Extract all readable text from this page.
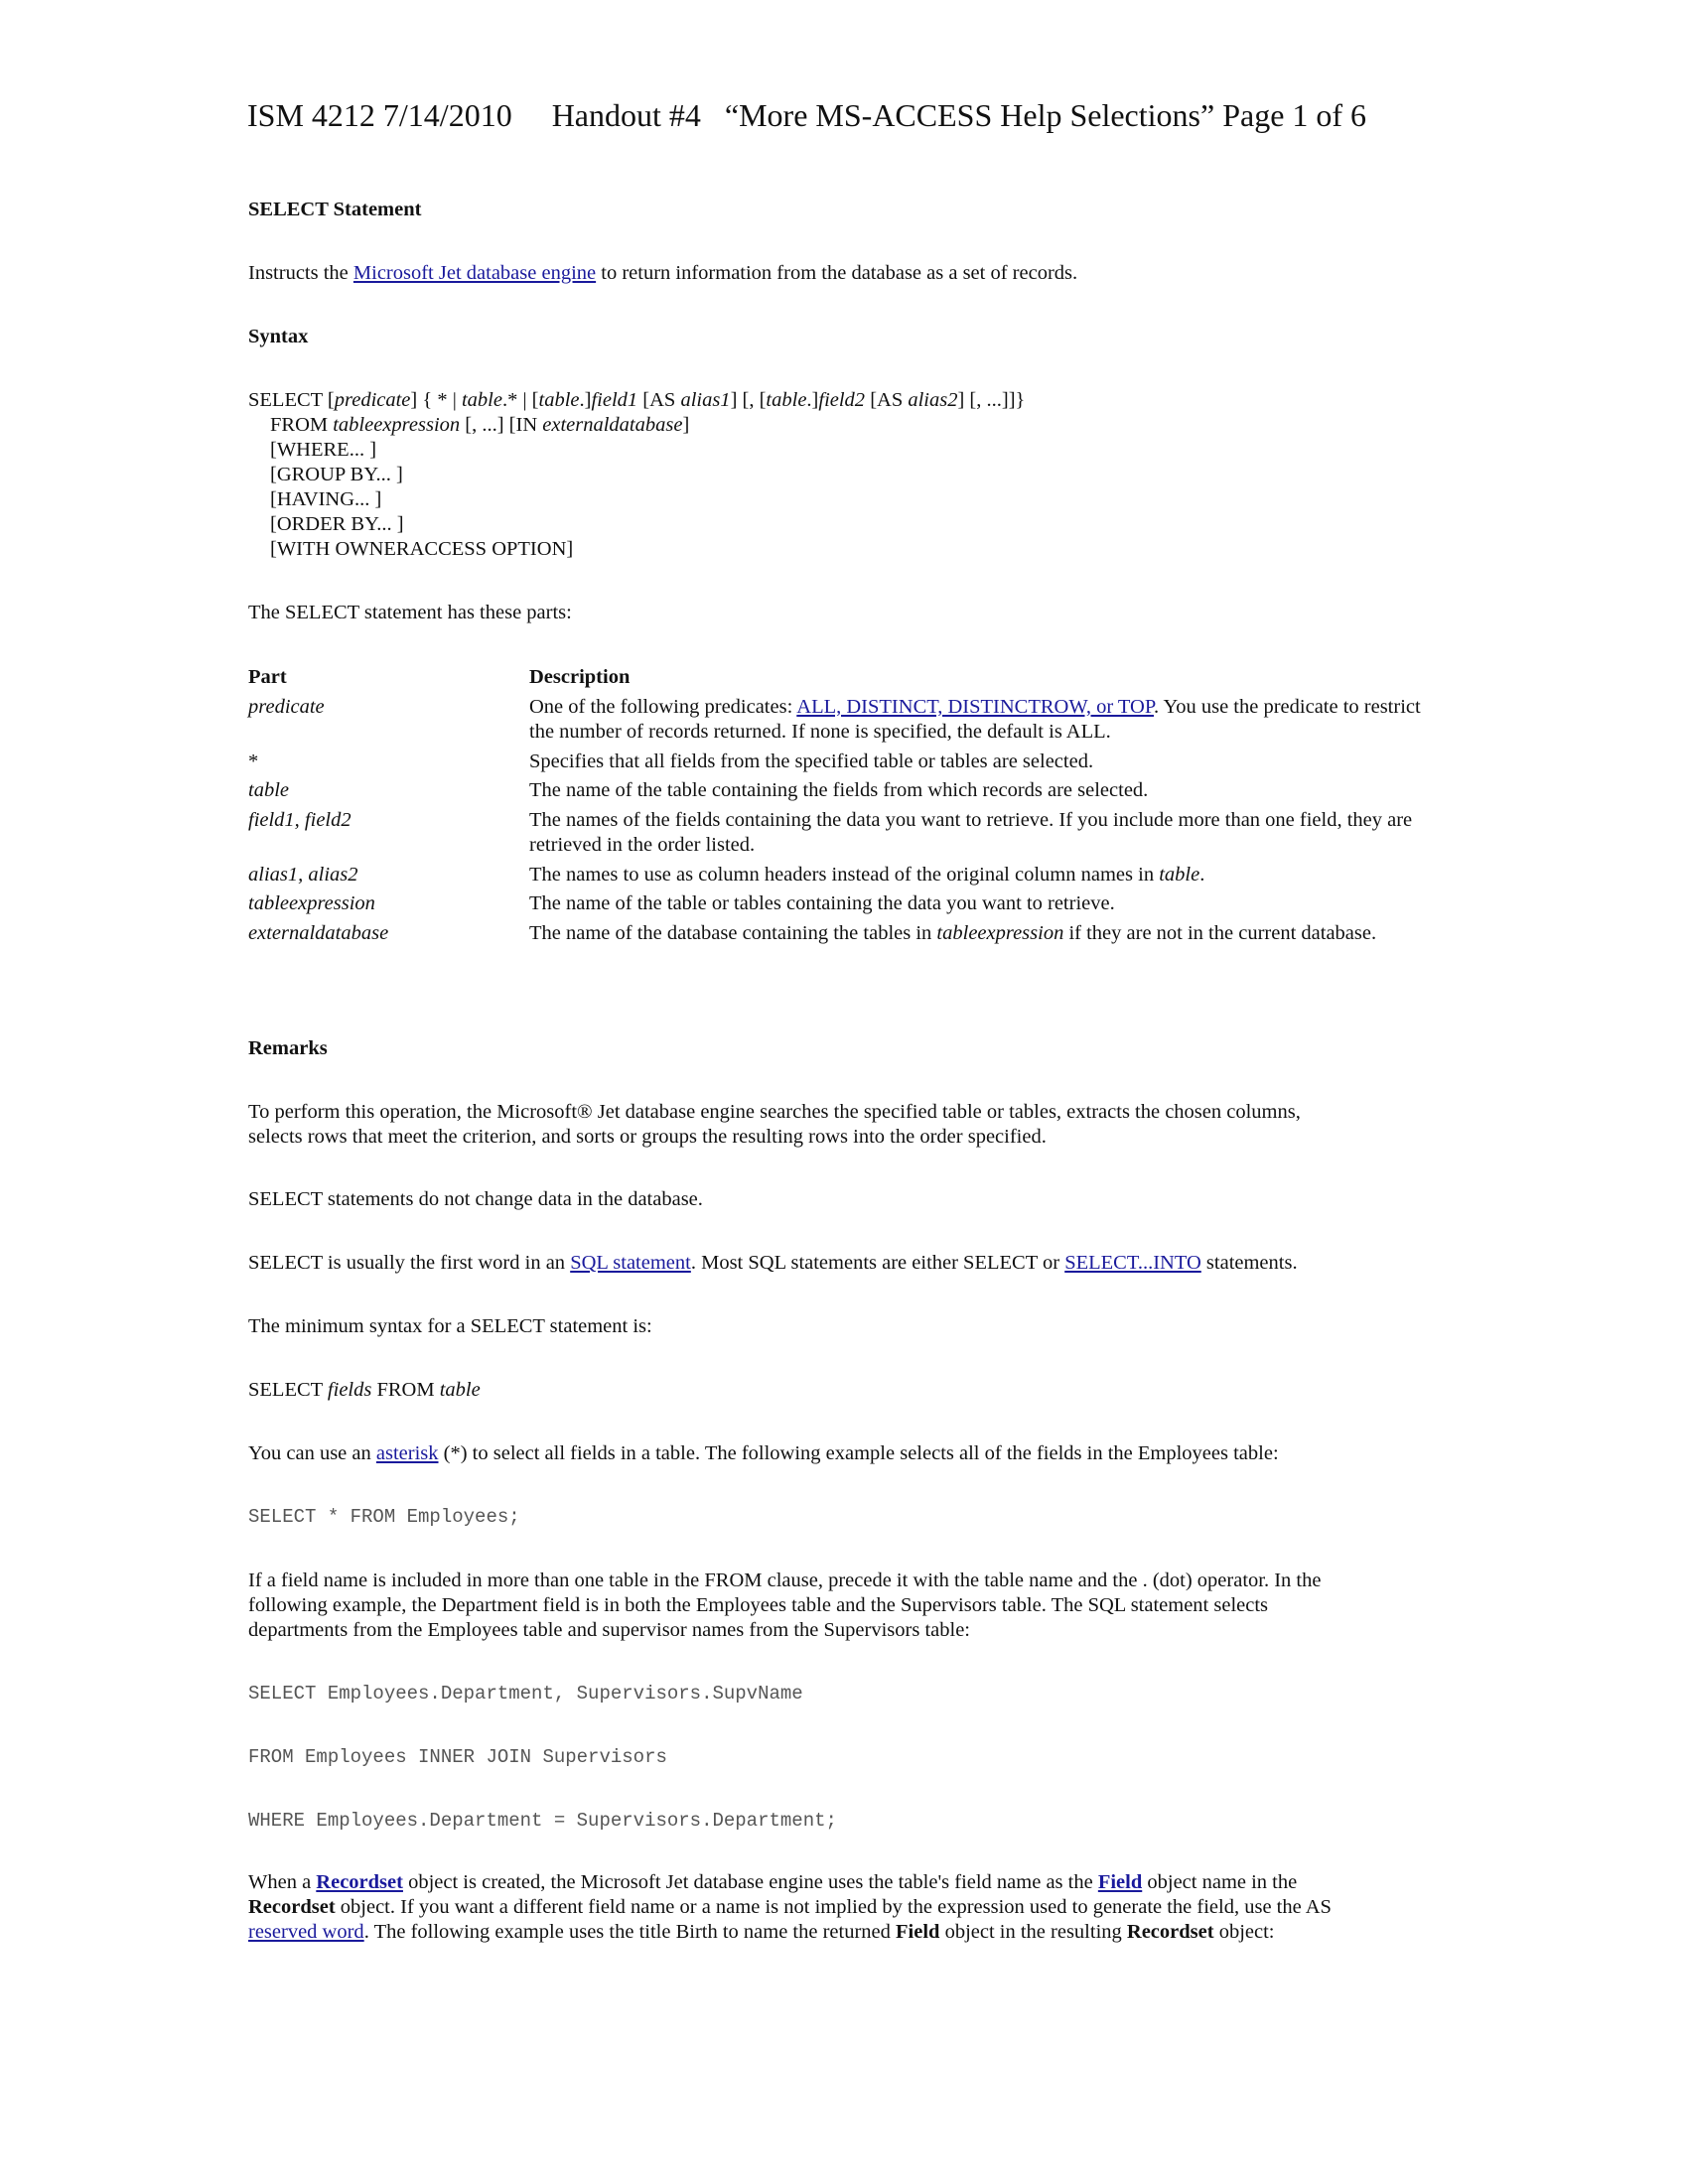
ISM 4212 7/14/2010 Handout #4 “More MS-ACCESS Help Selections” Page 1 of 6
SELECT Statement
Instructs the Microsoft Jet database engine to return information from the database as a set of records.
Syntax
SELECT [predicate] { * | table.* | [table.]field1 [AS alias1] [, [table.]field2 [AS alias2] [, ...]]}
FROM tableexpression [, ...] [IN externaldatabase]
[WHERE... ]
[GROUP BY... ]
[HAVING... ]
[ORDER BY... ]
[WITH OWNERACCESS OPTION]
The SELECT statement has these parts:
Part	Description
predicate	One of the following predicates: ALL, DISTINCT, DISTINCTROW, or TOP. You use the predicate to restrict the number of records returned. If none is specified, the default is ALL.
*	Specifies that all fields from the specified table or tables are selected.
table	The name of the table containing the fields from which records are selected.
field1, field2	The names of the fields containing the data you want to retrieve. If you include more than one field, they are retrieved in the order listed.
alias1, alias2	The names to use as column headers instead of the original column names in table.
tableexpression	The name of the table or tables containing the data you want to retrieve.
externaldatabase	The name of the database containing the tables in tableexpression if they are not in the current database.
Remarks
To perform this operation, the Microsoft® Jet database engine searches the specified table or tables, extracts the chosen columns,
selects rows that meet the criterion, and sorts or groups the resulting rows into the order specified.
SELECT statements do not change data in the database.
SELECT is usually the first word in an SQL statement. Most SQL statements are either SELECT or SELECT...INTO statements.
The minimum syntax for a SELECT statement is:
SELECT fields FROM table
You can use an asterisk (*) to select all fields in a table. The following example selects all of the fields in the Employees table:
SELECT * FROM Employees;
If a field name is included in more than one table in the FROM clause, precede it with the table name and the . (dot) operator. In the
following example, the Department field is in both the Employees table and the Supervisors table. The SQL statement selects
departments from the Employees table and supervisor names from the Supervisors table:
SELECT Employees.Department, Supervisors.SupvName
FROM Employees INNER JOIN Supervisors
WHERE Employees.Department = Supervisors.Department;
When a Recordset object is created, the Microsoft Jet database engine uses the table's field name as the Field object name in the
Recordset object. If you want a different field name or a name is not implied by the expression used to generate the field, use the AS
reserved word. The following example uses the title Birth to name the returned Field object in the resulting Recordset object:
